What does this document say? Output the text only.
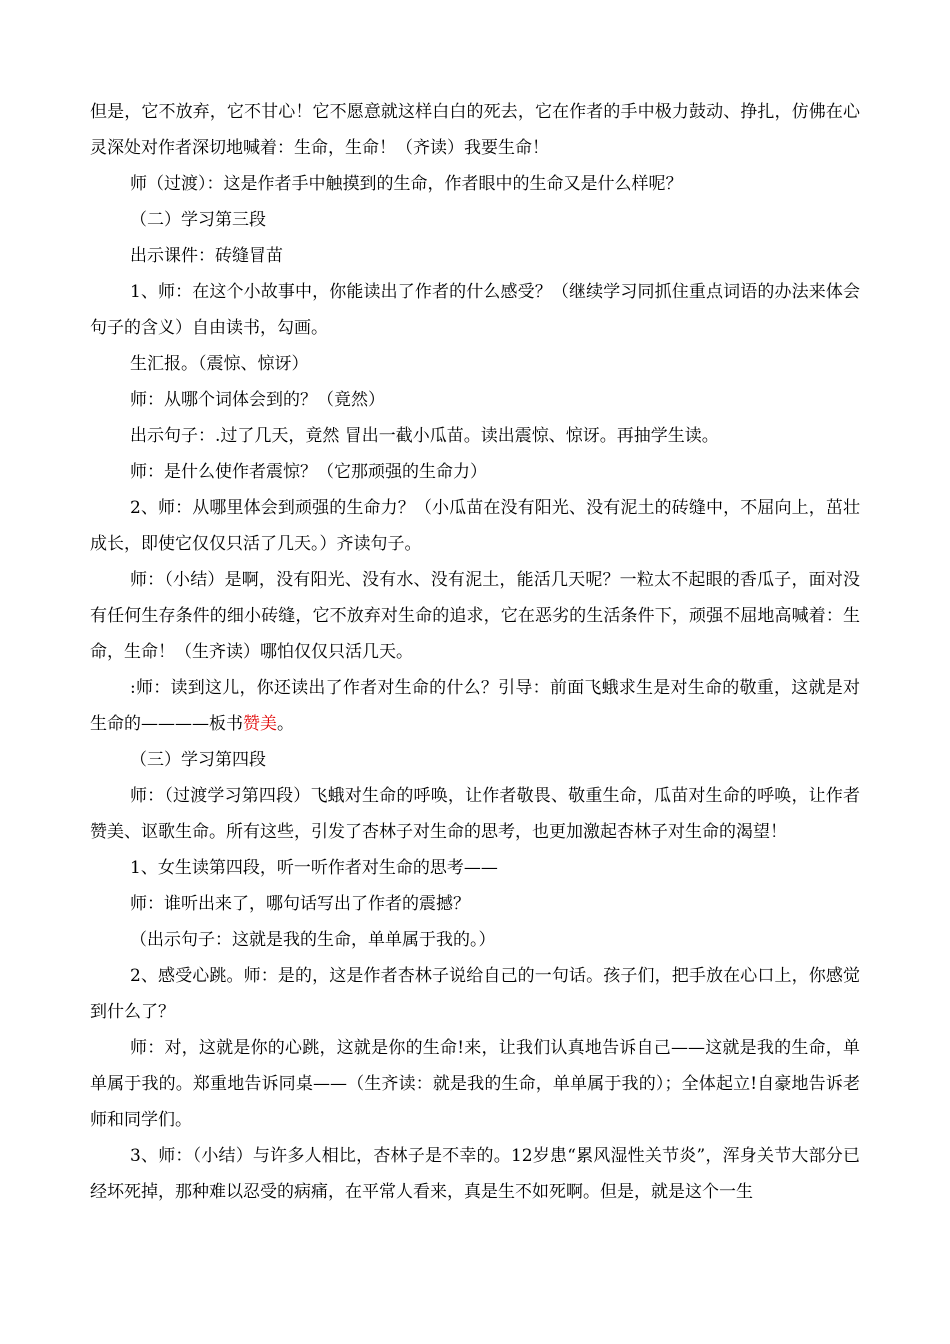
但是，它不放弃，它不甘心！它不愿意就这样白白的死去，它在作者的手中极力鼓动、挣扎，仿佛在心灵深处对作者深切地喊着：生命，生命！（齐读）我要生命！

师（过渡）：这是作者手中触摸到的生命，作者眼中的生命又是什么样呢？

（二）学习第三段

出示课件：砖缝冒苗

1、师：在这个小故事中，你能读出了作者的什么感受？（继续学习同抓住重点词语的办法来体会句子的含义）自由读书，勾画。

生汇报。（震惊、惊讶）

师：从哪个词体会到的？（竟然）

出示句子：.过了几天，竟然 冒出一截小瓜苗。读出震惊、惊讶。再抽学生读。

师：是什么使作者震惊？（它那顽强的生命力）

2、师：从哪里体会到顽强的生命力？（小瓜苗在没有阳光、没有泥土的砖缝中，不屈向上，茁壮成长，即使它仅仅只活了几天。）齐读句子。

师：（小结）是啊，没有阳光、没有水、没有泥土，能活几天呢？一粒太不起眼的香瓜子，面对没有任何生存条件的细小砖缝，它不放弃对生命的追求，它在恶劣的生活条件下，顽强不屈地高喊着：生命，生命！（生齐读）哪怕仅仅只活几天。

:师：读到这儿，你还读出了作者对生命的什么？引导：前面飞蛾求生是对生命的敬重，这就是对生命的————板书赞美。

（三）学习第四段

师：（过渡学习第四段）飞蛾对生命的呼唤，让作者敬畏、敬重生命，瓜苗对生命的呼唤，让作者赞美、讴歌生命。所有这些，引发了杏林子对生命的思考，也更加激起杏林子对生命的渴望！

1、女生读第四段，听一听作者对生命的思考——

师：谁听出来了，哪句话写出了作者的震撼？

（出示句子：这就是我的生命，单单属于我的。）

2、感受心跳。师：是的，这是作者杏林子说给自己的一句话。孩子们，把手放在心口上，你感觉到什么了？

师：对，这就是你的心跳，这就是你的生命!来，让我们认真地告诉自己——这就是我的生命，单单属于我的。郑重地告诉同桌——（生齐读：就是我的生命，单单属于我的）；全体起立!自豪地告诉老师和同学们。

3、师：（小结）与许多人相比，杏林子是不幸的。12岁患“累风湿性关节炎”，浑身关节大部分已经坏死掉，那种难以忍受的病痛，在平常人看来，真是生不如死啊。但是，就是这个一生
